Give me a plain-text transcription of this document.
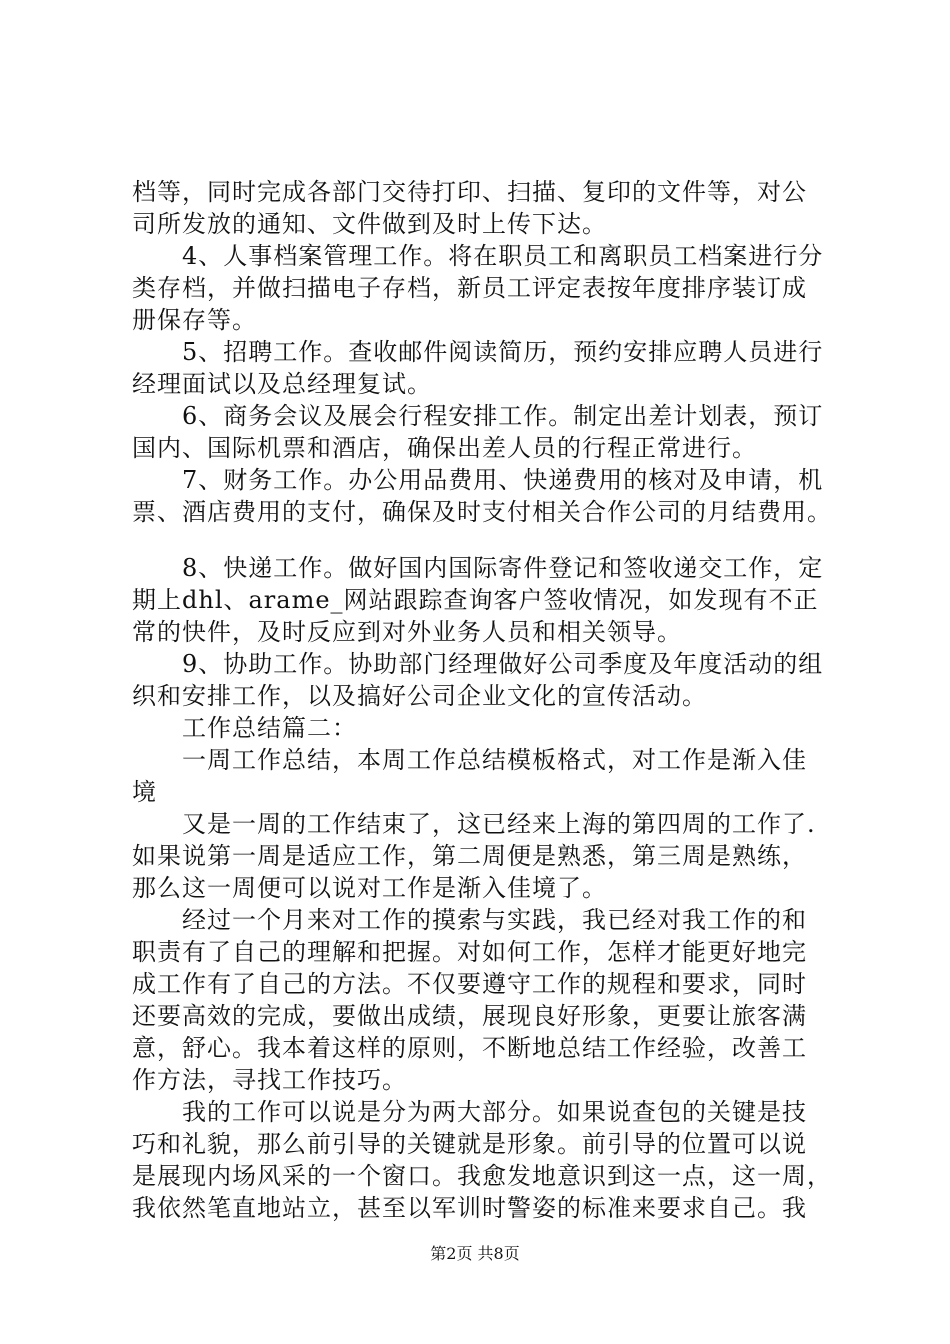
档等，同时完成各部门交待打印、扫描、复印的文件等，对公
司所发放的通知、文件做到及时上传下达。
4、人事档案管理工作。将在职员工和离职员工档案进行分
类存档，并做扫描电子存档，新员工评定表按年度排序装订成
册保存等。
5、招聘工作。查收邮件阅读简历，预约安排应聘人员进行
经理面试以及总经理复试。
6、商务会议及展会行程安排工作。制定出差计划表，预订
国内、国际机票和酒店，确保出差人员的行程正常进行。
7、财务工作。办公用品费用、快递费用的核对及申请，机
票、酒店费用的支付，确保及时支付相关合作公司的月结费用。
8、快递工作。做好国内国际寄件登记和签收递交工作，定
期上dhl、arame_网站跟踪查询客户签收情况，如发现有不正
常的快件，及时反应到对外业务人员和相关领导。
9、协助工作。协助部门经理做好公司季度及年度活动的组
织和安排工作，以及搞好公司企业文化的宣传活动。
工作总结篇二：
一周工作总结，本周工作总结模板格式，对工作是渐入佳
境
又是一周的工作结束了，这已经来上海的第四周的工作了.
如果说第一周是适应工作，第二周便是熟悉，第三周是熟练，
那么这一周便可以说对工作是渐入佳境了。
经过一个月来对工作的摸索与实践，我已经对我工作的和
职责有了自己的理解和把握。对如何工作，怎样才能更好地完
成工作有了自己的方法。不仅要遵守工作的规程和要求，同时
还要高效的完成，要做出成绩，展现良好形象，更要让旅客满
意，舒心。我本着这样的原则，不断地总结工作经验，改善工
作方法，寻找工作技巧。
我的工作可以说是分为两大部分。如果说查包的关键是技
巧和礼貌，那么前引导的关键就是形象。前引导的位置可以说
是展现内场风采的一个窗口。我愈发地意识到这一点，这一周，
我依然笔直地站立，甚至以军训时警姿的标准来要求自己。我
第2页 共8页
